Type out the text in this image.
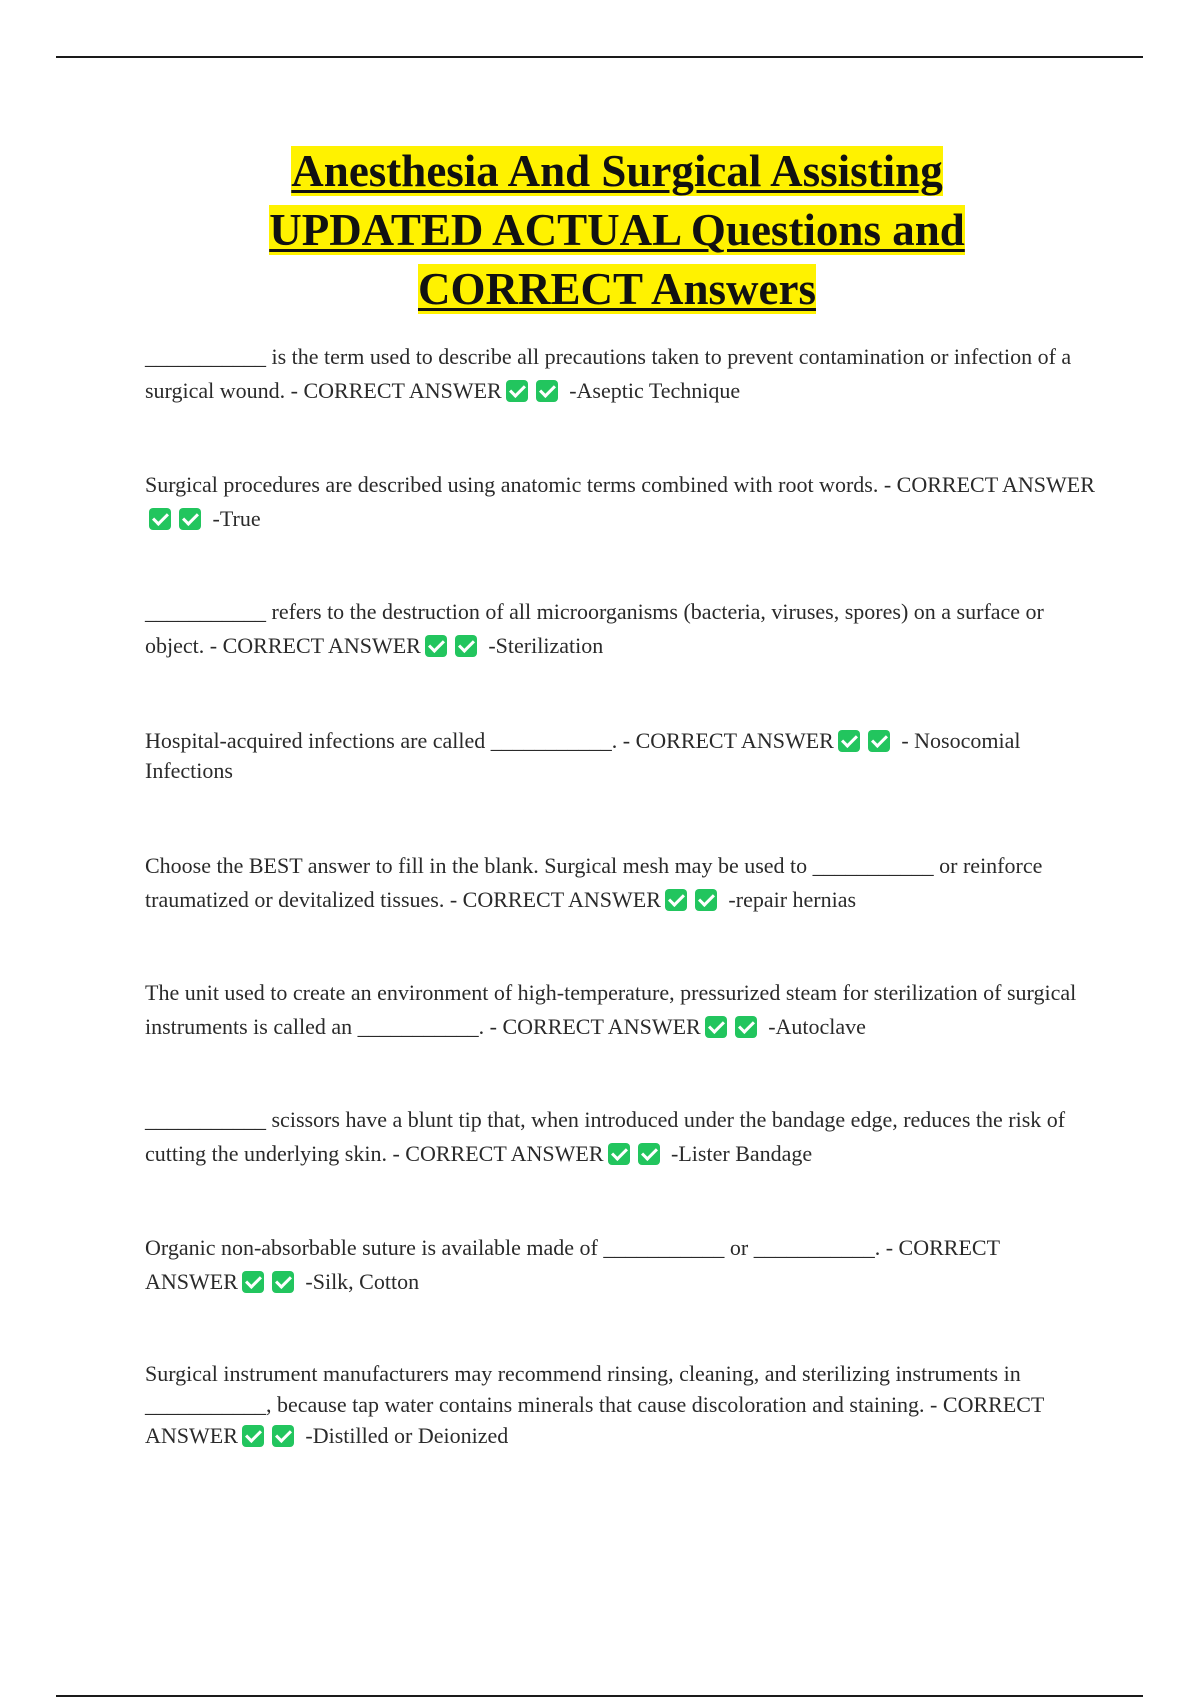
Anesthesia And Surgical Assisting
UPDATED ACTUAL Questions and
CORRECT Answers
___________ is the term used to describe all precautions taken to prevent contamination or infection of a surgical wound. - CORRECT ANSWER	-Aseptic Technique
Surgical procedures are described using anatomic terms combined with root words. - CORRECT ANSWER -True
___________ refers to the destruction of all microorganisms (bacteria, viruses, spores) on a surface or object. - CORRECT ANSWER	-Sterilization
Hospital-acquired infections are called ___________. - CORRECT ANSWER	- Nosocomial Infections
Choose the BEST answer to fill in the blank. Surgical mesh may be used to ___________ or reinforce traumatized or devitalized tissues. - CORRECT ANSWER	-repair hernias
The unit used to create an environment of high-temperature, pressurized steam for sterilization of surgical instruments is called an ___________. - CORRECT ANSWER	-Autoclave
___________ scissors have a blunt tip that, when introduced under the bandage edge, reduces the risk of cutting the underlying skin. - CORRECT ANSWER	-Lister Bandage
Organic non-absorbable suture is available made of ___________ or ___________. - CORRECT ANSWER	-Silk, Cotton
Surgical instrument manufacturers may recommend rinsing, cleaning, and sterilizing instruments in ___________, because tap water contains minerals that cause discoloration and staining. - CORRECT ANSWER	-Distilled or Deionized
